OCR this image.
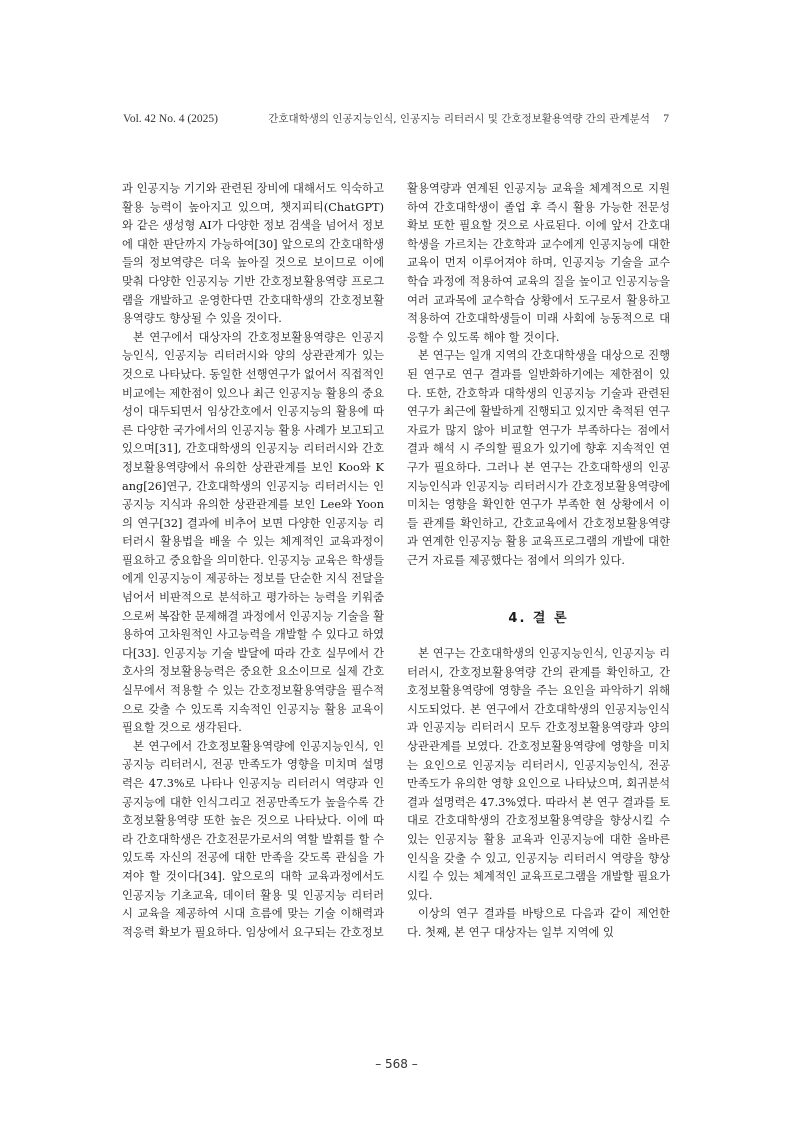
Vol. 42 No. 4 (2025)	간호대학생의 인공지능인식, 인공지능 리터러시 및 간호정보활용역량 간의 관계분석 7

과 인공지능 기기와 관련된 장비에 대해서도 익숙하고 활용 능력이 높아지고 있으며, 챗지피티(ChatGPT)와 같은 생성형 AI가 다양한 정보 검색을 넘어서 정보에 대한 판단까지 가능하여[30] 앞으로의 간호대학생들의 정보역량은 더욱 높아질 것으로 보이므로 이에 맞춰 다양한 인공지능 기반 간호정보활용역량 프로그램을 개발하고 운영한다면 간호대학생의 간호정보활용역량도 향상될 수 있을 것이다.

본 연구에서 대상자의 간호정보활용역량은 인공지능인식, 인공지능 리터러시와 양의 상관관계가 있는 것으로 나타났다. 동일한 선행연구가 없어서 직접적인 비교에는 제한점이 있으나 최근 인공지능 활용의 중요성이 대두되면서 임상간호에서 인공지능의 활용에 따른 다양한 국가에서의 인공지능 활용 사례가 보고되고 있으며[31], 간호대학생의 인공지능 리터러시와 간호정보활용역량에서 유의한 상관관계를 보인 Koo와 Kang[26]연구, 간호대학생의 인공지능 리터러시는 인공지능 지식과 유의한 상관관계를 보인 Lee와 Yoon의 연구[32] 결과에 비추어 보면 다양한 인공지능 리터러시 활용법을 배울 수 있는 체계적인 교육과정이 필요하고 중요함을 의미한다. 인공지능 교육은 학생들에게 인공지능이 제공하는 정보를 단순한 지식 전달을 넘어서 비판적으로 분석하고 평가하는 능력을 키워줌으로써 복잡한 문제해결 과정에서 인공지능 기술을 활용하여 고차원적인 사고능력을 개발할 수 있다고 하였다[33]. 인공지능 기술 발달에 따라 간호 실무에서 간호사의 정보활용능력은 중요한 요소이므로 실제 간호 실무에서 적용할 수 있는 간호정보활용역량을 필수적으로 갖출 수 있도록 지속적인 인공지능 활용 교육이 필요할 것으로 생각된다.

본 연구에서 간호정보활용역량에 인공지능인식, 인공지능 리터러시, 전공 만족도가 영향을 미치며 설명력은 47.3%로 나타나 인공지능 리터러시 역량과 인공지능에 대한 인식그리고 전공만족도가 높을수록 간호정보활용역량 또한 높은 것으로 나타났다. 이에 따라 간호대학생은 간호전문가로서의 역할 발휘를 할 수 있도록 자신의 전공에 대한 만족을 갖도록 관심을 가져야 할 것이다[34]. 앞으로의 대학 교육과정에서도 인공지능 기초교육, 데이터 활용 및 인공지능 리터러시 교육을 제공하여 시대 흐름에 맞는 기술 이해력과 적응력 확보가 필요하다. 임상에서 요구되는 간호정보

활용역량과 연계된 인공지능 교육을 체계적으로 지원하여 간호대학생이 졸업 후 즉시 활용 가능한 전문성 확보 또한 필요할 것으로 사료된다. 이에 앞서 간호대학생을 가르치는 간호학과 교수에게 인공지능에 대한 교육이 먼저 이루어져야 하며, 인공지능 기술을 교수학습 과정에 적용하여 교육의 질을 높이고 인공지능을 여러 교과목에 교수학습 상황에서 도구로서 활용하고 적용하여 간호대학생들이 미래 사회에 능동적으로 대응할 수 있도록 해야 할 것이다.

본 연구는 일개 지역의 간호대학생을 대상으로 진행된 연구로 연구 결과를 일반화하기에는 제한점이 있다. 또한, 간호학과 대학생의 인공지능 기술과 관련된 연구가 최근에 활발하게 진행되고 있지만 축적된 연구 자료가 많지 않아 비교할 연구가 부족하다는 점에서 결과 해석 시 주의할 필요가 있기에 향후 지속적인 연구가 필요하다. 그러나 본 연구는 간호대학생의 인공지능인식과 인공지능 리터러시가 간호정보활용역량에 미치는 영향을 확인한 연구가 부족한 현 상황에서 이들 관계를 확인하고, 간호교육에서 간호정보활용역량과 연계한 인공지능 활용 교육프로그램의 개발에 대한 근거 자료를 제공했다는 점에서 의의가 있다.

4. 결 론

본 연구는 간호대학생의 인공지능인식, 인공지능 리터러시, 간호정보활용역량 간의 관계를 확인하고, 간호정보활용역량에 영향을 주는 요인을 파악하기 위해 시도되었다. 본 연구에서 간호대학생의 인공지능인식과 인공지능 리터러시 모두 간호정보활용역량과 양의 상관관계를 보였다. 간호정보활용역량에 영향을 미치는 요인으로 인공지능 리터러시, 인공지능인식, 전공만족도가 유의한 영향 요인으로 나타났으며, 회귀분석 결과 설명력은 47.3%였다. 따라서 본 연구 결과를 토대로 간호대학생의 간호정보활용역량을 향상시킬 수 있는 인공지능 활용 교육과 인공지능에 대한 올바른 인식을 갖출 수 있고, 인공지능 리터러시 역량을 향상시킬 수 있는 체계적인 교육프로그램을 개발할 필요가 있다.

이상의 연구 결과를 바탕으로 다음과 같이 제언한다. 첫째, 본 연구 대상자는 일부 지역에 있

– 568 –
